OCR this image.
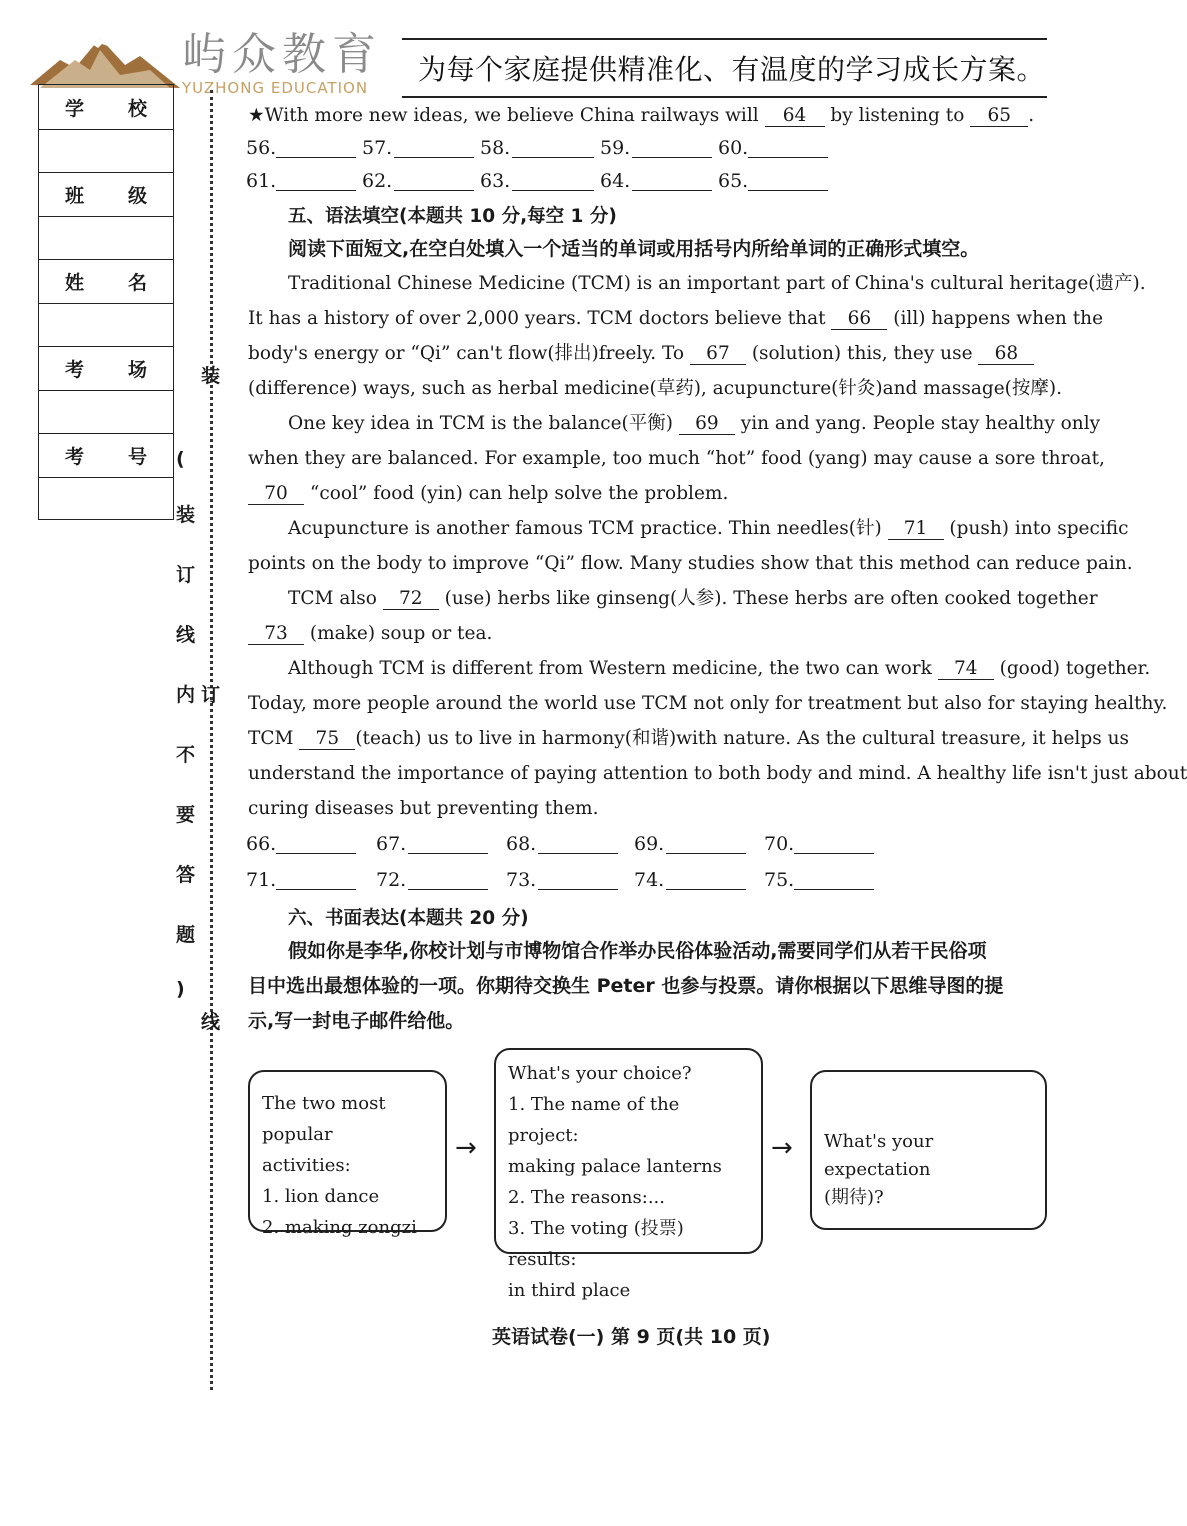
屿众教育
YUZHONG EDUCATION
为每个家庭提供精准化、有温度的学习成长方案。
学 校
班 级
姓 名
考 场
考 号
装
(
装
订
线
内 订
不
要
答
题
)
线
★With more new ideas, we believe China railways will 64 by listening to 65 .
56.	57.	58.	59.	60.
61.	62.	63.	64.	65.
五、语法填空(本题共 10 分,每空 1 分)
阅读下面短文,在空白处填入一个适当的单词或用括号内所给单词的正确形式填空。
Traditional Chinese Medicine (TCM) is an important part of China's cultural heritage(遗产).
It has a history of over 2,000 years. TCM doctors believe that 66 (ill) happens when the
body's energy or “Qi” can't flow(排出)freely. To 67 (solution) this, they use 68
(difference) ways, such as herbal medicine(草药), acupuncture(针灸)and massage(按摩).
One key idea in TCM is the balance(平衡) 69 yin and yang. People stay healthy only
when they are balanced. For example, too much “hot” food (yang) may cause a sore throat,
70 “cool” food (yin) can help solve the problem.
Acupuncture is another famous TCM practice. Thin needles(针) 71 (push) into specific
points on the body to improve “Qi” flow. Many studies show that this method can reduce pain.
TCM also 72 (use) herbs like ginseng(人参). These herbs are often cooked together
73 (make) soup or tea.
Although TCM is different from Western medicine, the two can work 74 (good) together.
Today, more people around the world use TCM not only for treatment but also for staying healthy.
TCM 75 (teach) us to live in harmony(和谐)with nature. As the cultural treasure, it helps us
understand the importance of paying attention to both body and mind. A healthy life isn't just about
curing diseases but preventing them.
66.	67.	68.	69.	70.
71.	72.	73.	74.	75.
六、书面表达(本题共 20 分)
假如你是李华,你校计划与市博物馆合作举办民俗体验活动,需要同学们从若干民俗项
目中选出最想体验的一项。你期待交换生 Peter 也参与投票。请你根据以下思维导图的提
示,写一封电子邮件给他。
The two most popular
activities:
1. lion dance
2. making zongzi
→
What's your choice?
1. The name of the project:
making palace lanterns
2. The reasons:...
3. The voting (投票) results:
in third place
→ What's your expectation
(期待)?
英语试卷(一) 第 9 页(共 10 页)
